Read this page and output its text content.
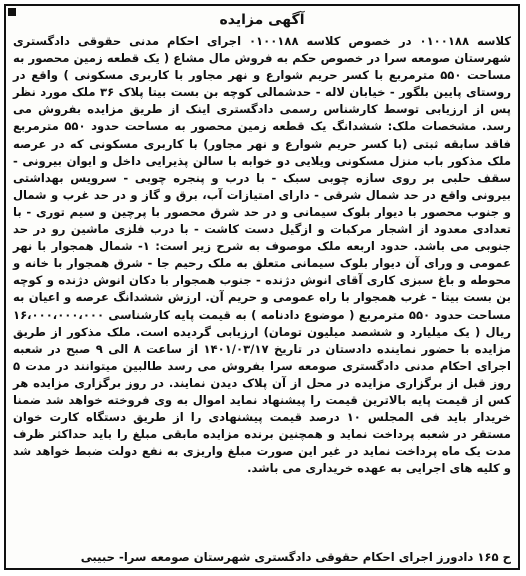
آگهی مزایده

کلاسه ۰۱۰۰۱۸۸ در خصوص کلاسه ۰۱۰۰۱۸۸ اجرای احکام مدنی حقوقی دادگستری شهرستان صومعه سرا در خصوص حکم به فروش مال مشاع ( یک قطعه زمین محصور به مساحت ۵۵۰ مترمربع با کسر حریم شوارع و نهر مجاور با کاربری مسکونی ) واقع در روستای پایین بلگور - خیابان لاله - حدشمالی کوچه بن بست بیتا پلاک ۳۶ ملک مورد نظر پس از ارزیابی توسط کارشناس رسمی دادگستری اینک از طریق مزایده بفروش می رسد. مشخصات ملک: ششدانگ یک قطعه زمین محصور به مساحت حدود ۵۵۰ مترمربع فاقد سابقه ثبتی (با کسر حریم شوارع و نهر مجاور) با کاربری مسکونی که در عرصه ملک مذکور باب منزل مسکونی ویلایی دو خوابه با سالن پذیرایی داخل و ایوان بیرونی - سقف حلبی بر روی سازه چوبی سبک - با درب و پنجره چوبی - سرویس بهداشتی بیرونی واقع در حد شمال شرقی - دارای امتیازات آب، برق و گاز و در حد غرب و شمال و جنوب محصور با دیوار بلوک سیمانی و در حد شرق محصور با پرچین و سیم توری - با تعدادی معدود از اشجار مرکبات و ازگیل دست کاشت - با درب فلزی ماشین رو در حد جنوبی می باشد. حدود اربعه ملک موصوف به شرح زیر است: ۱- شمال همجوار با نهر عمومی و ورای آن دیوار بلوک سیمانی متعلق به ملک رحیم جا - شرق همجوار با خانه و محوطه و باغ سبزی کاری آقای انوش دژنده - جنوب همجوار با دکان انوش دژنده و کوچه بن بست بیتا - غرب همجوار با راه عمومی و حریم آن. ارزش ششدانگ عرصه و اعیان به مساحت حدود ۵۵۰ مترمربع ( موضوع دادنامه ) به قیمت پایه کارشناسی ۱۶،۰۰۰،۰۰۰،۰۰۰ ریال ( یک میلیارد و ششصد میلیون تومان) ارزیابی گردیده است. ملک مذکور از طریق مزایده با حضور نماینده دادستان در تاریخ ۱۴۰۱/۰۳/۱۷ از ساعت ۸ الی ۹ صبح در شعبه اجرای احکام مدنی دادگستری صومعه سرا بفروش می رسد طالبین میتوانند در مدت ۵ روز قبل از برگزاری مزایده در محل از آن پلاک دیدن نمایند. در روز برگزاری مزایده هر کس از قیمت پایه بالاترین قیمت را پیشنهاد نماید اموال به وی فروخته خواهد شد ضمنا خریدار باید فی المجلس ۱۰ درصد قیمت پیشنهادی را از طریق دستگاه کارت خوان مستقر در شعبه پرداخت نماید و همچنین برنده مزایده مابقی مبلغ را باید حداکثر ظرف مدت یک ماه پرداخت نماید در غیر این صورت مبلغ واریزی به نفع دولت ضبط خواهد شد و کلیه های اجرایی به عهده خریداری می باشد.

ح ۱۶۵ دادورز اجرای احکام حقوقی دادگستری شهرستان صومعه سرا- حبیبی
